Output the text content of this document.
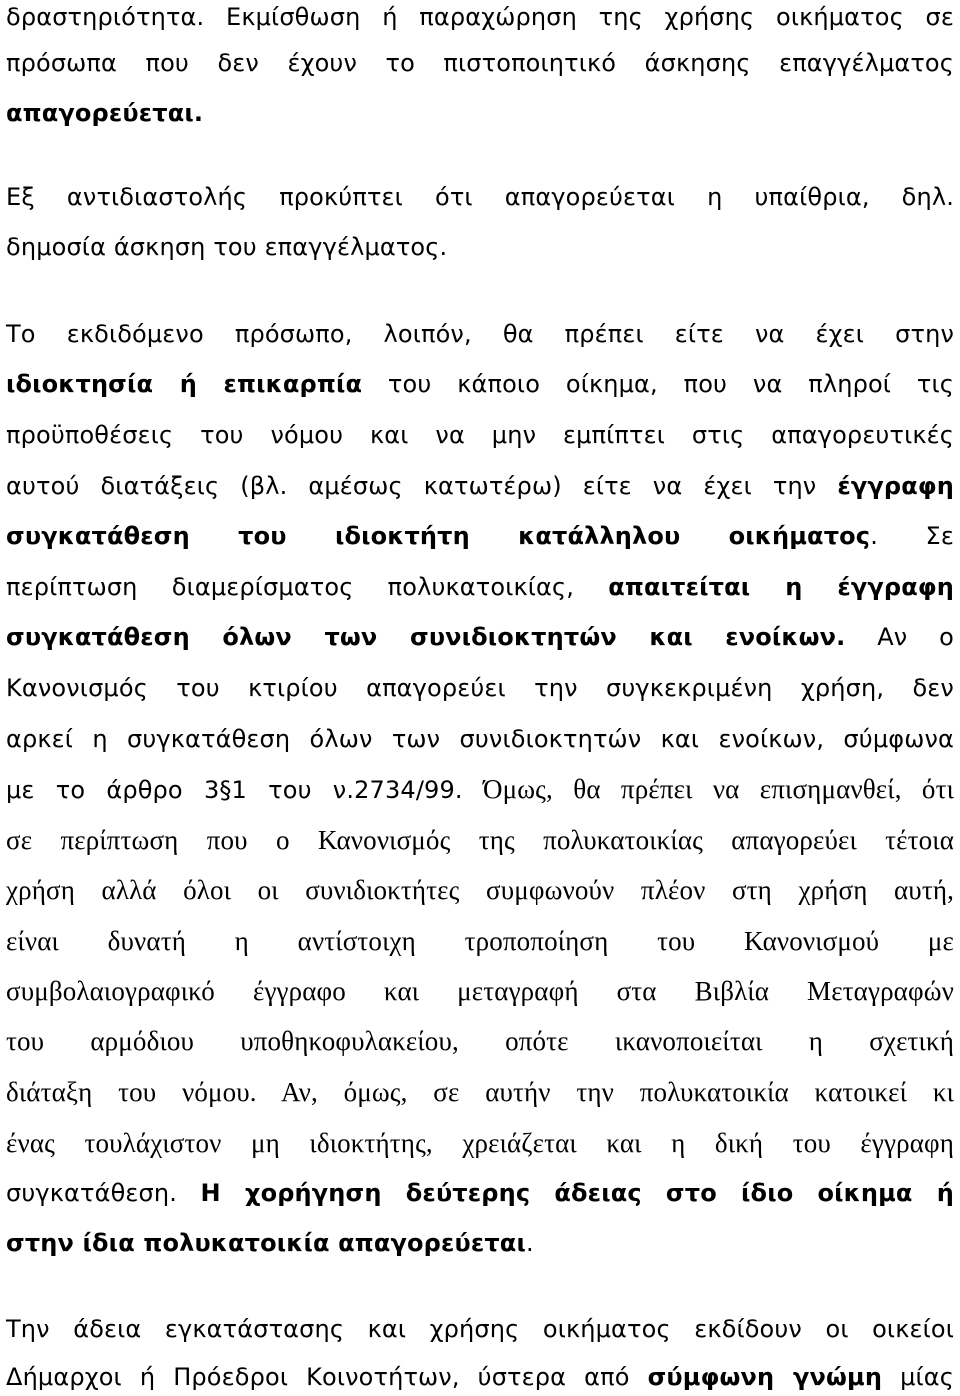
δραστηριότητα. Εκμίσθωση ή παραχώρηση της χρήσης οικήματος σε
πρόσωπα που δεν έχουν το πιστοποιητικό άσκησης επαγγέλματος
απαγορεύεται.
Εξ αντιδιαστολής προκύπτει ότι απαγορεύεται η υπαίθρια, δηλ.
δημοσία άσκηση του επαγγέλματος.
Το εκδιδόμενο πρόσωπο, λοιπόν, θα πρέπει είτε να έχει στην
ιδιοκτησία ή επικαρπία του κάποιο οίκημα, που να πληροί τις
προϋποθέσεις του νόμου και να μην εμπίπτει στις απαγορευτικές
αυτού διατάξεις (βλ. αμέσως κατωτέρω) είτε να έχει την έγγραφη
συγκατάθεση του ιδιοκτήτη κατάλληλου οικήματος. Σε
περίπτωση διαμερίσματος πολυκατοικίας, απαιτείται η έγγραφη
συγκατάθεση όλων των συνιδιοκτητών και ενοίκων. Αν ο
Κανονισμός του κτιρίου απαγορεύει την συγκεκριμένη χρήση, δεν
αρκεί η συγκατάθεση όλων των συνιδιοκτητών και ενοίκων, σύμφωνα
με το άρθρο 3§1 του ν.2734/99. Όμως, θα πρέπει να επισημανθεί, ότι
σε περίπτωση που ο Κανονισμός της πολυκατοικίας απαγορεύει τέτοια
χρήση αλλά όλοι οι συνιδιοκτήτες συμφωνούν πλέον στη χρήση αυτή,
είναι δυνατή η αντίστοιχη τροποποίηση του Κανονισμού με
συμβολαιογραφικό έγγραφο και μεταγραφή στα Βιβλία Μεταγραφών
του αρμόδιου υποθηκοφυλακείου, οπότε ικανοποιείται η σχετική
διάταξη του νόμου. Αν, όμως, σε αυτήν την πολυκατοικία κατοικεί κι
ένας τουλάχιστον μη ιδιοκτήτης, χρειάζεται και η δική του έγγραφη
συγκατάθεση. Η χορήγηση δεύτερης άδειας στο ίδιο οίκημα ή
στην ίδια πολυκατοικία απαγορεύεται.
Την άδεια εγκατάστασης και χρήσης οικήματος εκδίδουν οι οικείοι
Δήμαρχοι ή Πρόεδροι Κοινοτήτων, ύστερα από σύμφωνη γνώμη μίας
